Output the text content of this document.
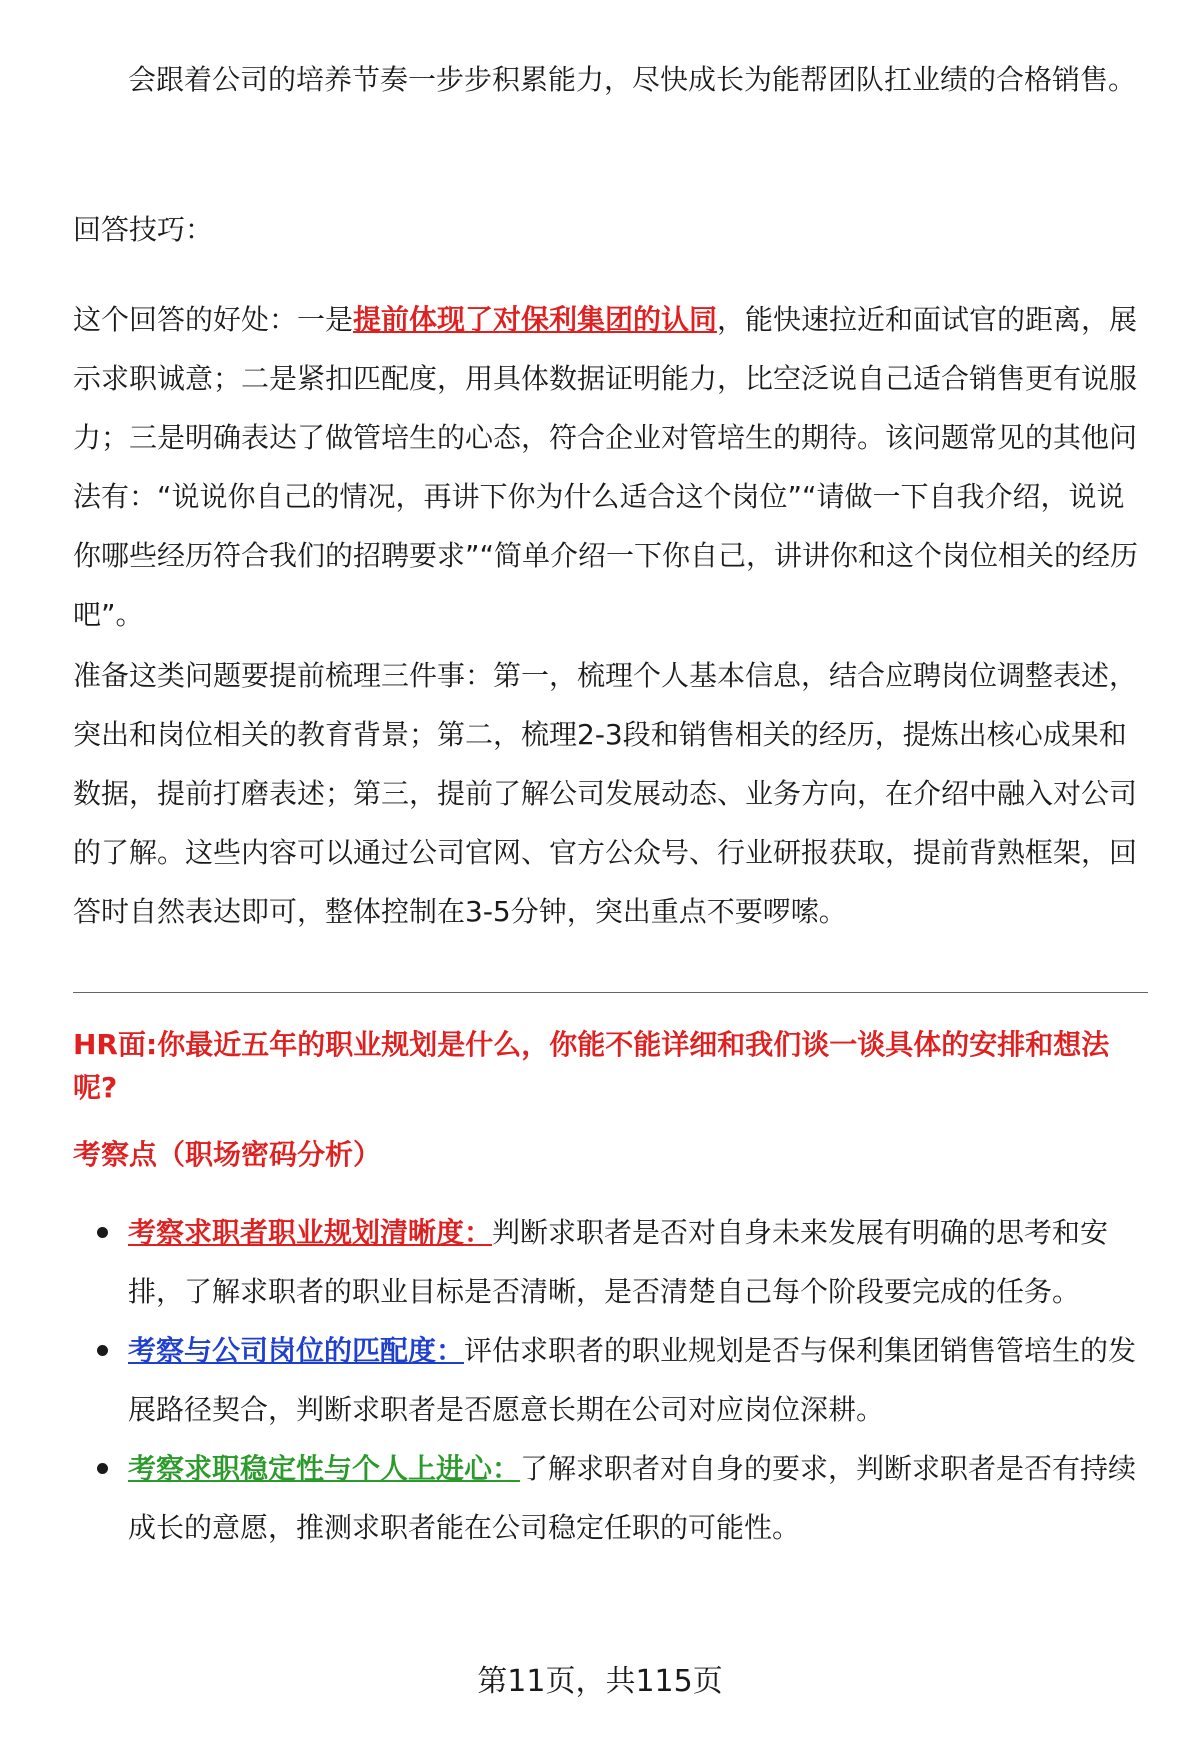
会跟着公司的培养节奏一步步积累能力，尽快成长为能帮团队扛业绩的合格销售。

回答技巧：

这个回答的好处：一是提前体现了对保利集团的认同，能快速拉近和面试官的距离，展示求职诚意；二是紧扣匹配度，用具体数据证明能力，比空泛说自己适合销售更有说服力；三是明确表达了做管培生的心态，符合企业对管培生的期待。该问题常见的其他问法有：“说说你自己的情况，再讲下你为什么适合这个岗位”“请做一下自我介绍，说说你哪些经历符合我们的招聘要求”“简单介绍一下你自己，讲讲你和这个岗位相关的经历吧”。

准备这类问题要提前梳理三件事：第一，梳理个人基本信息，结合应聘岗位调整表述，突出和岗位相关的教育背景；第二，梳理2-3段和销售相关的经历，提炼出核心成果和数据，提前打磨表述；第三，提前了解公司发展动态、业务方向，在介绍中融入对公司的了解。这些内容可以通过公司官网、官方公众号、行业研报获取，提前背熟框架，回答时自然表达即可，整体控制在3-5分钟，突出重点不要啰嗦。

HR面:你最近五年的职业规划是什么，你能不能详细和我们谈一谈具体的安排和想法呢?

考察点（职场密码分析）

考察求职者职业规划清晰度：判断求职者是否对自身未来发展有明确的思考和安排，了解求职者的职业目标是否清晰，是否清楚自己每个阶段要完成的任务。
考察与公司岗位的匹配度：评估求职者的职业规划是否与保利集团销售管培生的发展路径契合，判断求职者是否愿意长期在公司对应岗位深耕。
考察求职稳定性与个人上进心：了解求职者对自身的要求，判断求职者是否有持续成长的意愿，推测求职者能在公司稳定任职的可能性。
第11页，共115页
